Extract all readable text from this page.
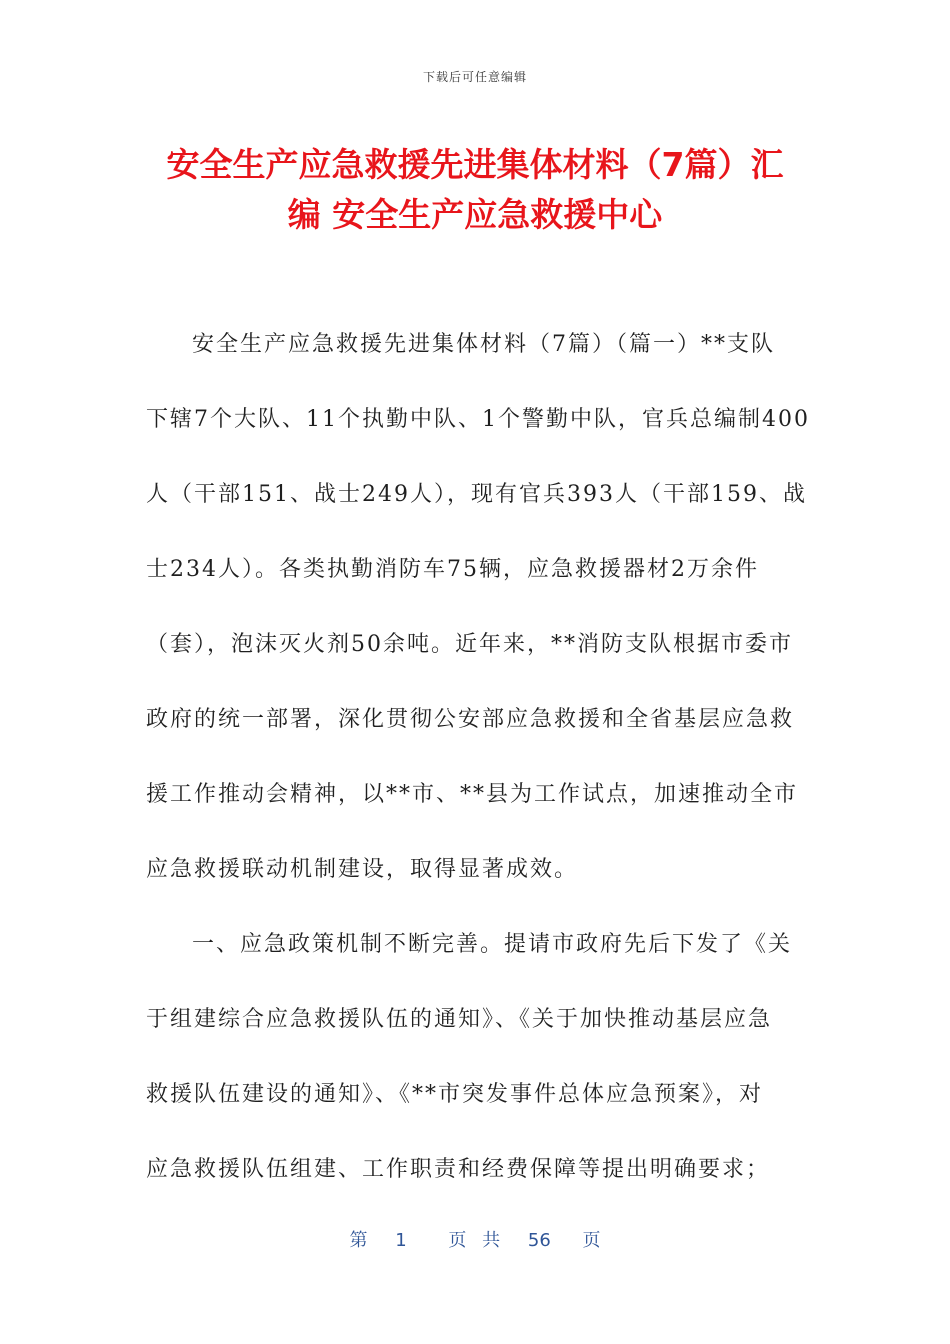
下载后可任意编辑
安全生产应急救援先进集体材料（7篇）汇
编 安全生产应急救援中心
安全生产应急救援先进集体材料（7篇）（篇一）**支队
下辖7个大队、11个执勤中队、1个警勤中队，官兵总编制400
人（干部151、战士249人），现有官兵393人（干部159、战
士234人）。各类执勤消防车75辆，应急救援器材2万余件
（套），泡沫灭火剂50余吨。近年来，**消防支队根据市委市
政府的统一部署，深化贯彻公安部应急救援和全省基层应急救
援工作推动会精神，以**市、**县为工作试点，加速推动全市
应急救援联动机制建设，取得显著成效。
一、应急政策机制不断完善。提请市政府先后下发了《关
于组建综合应急救援队伍的通知》、《关于加快推动基层应急
救援队伍建设的通知》、《**市突发事件总体应急预案》，对
应急救援队伍组建、工作职责和经费保障等提出明确要求；
第 1 页 共 56 页
